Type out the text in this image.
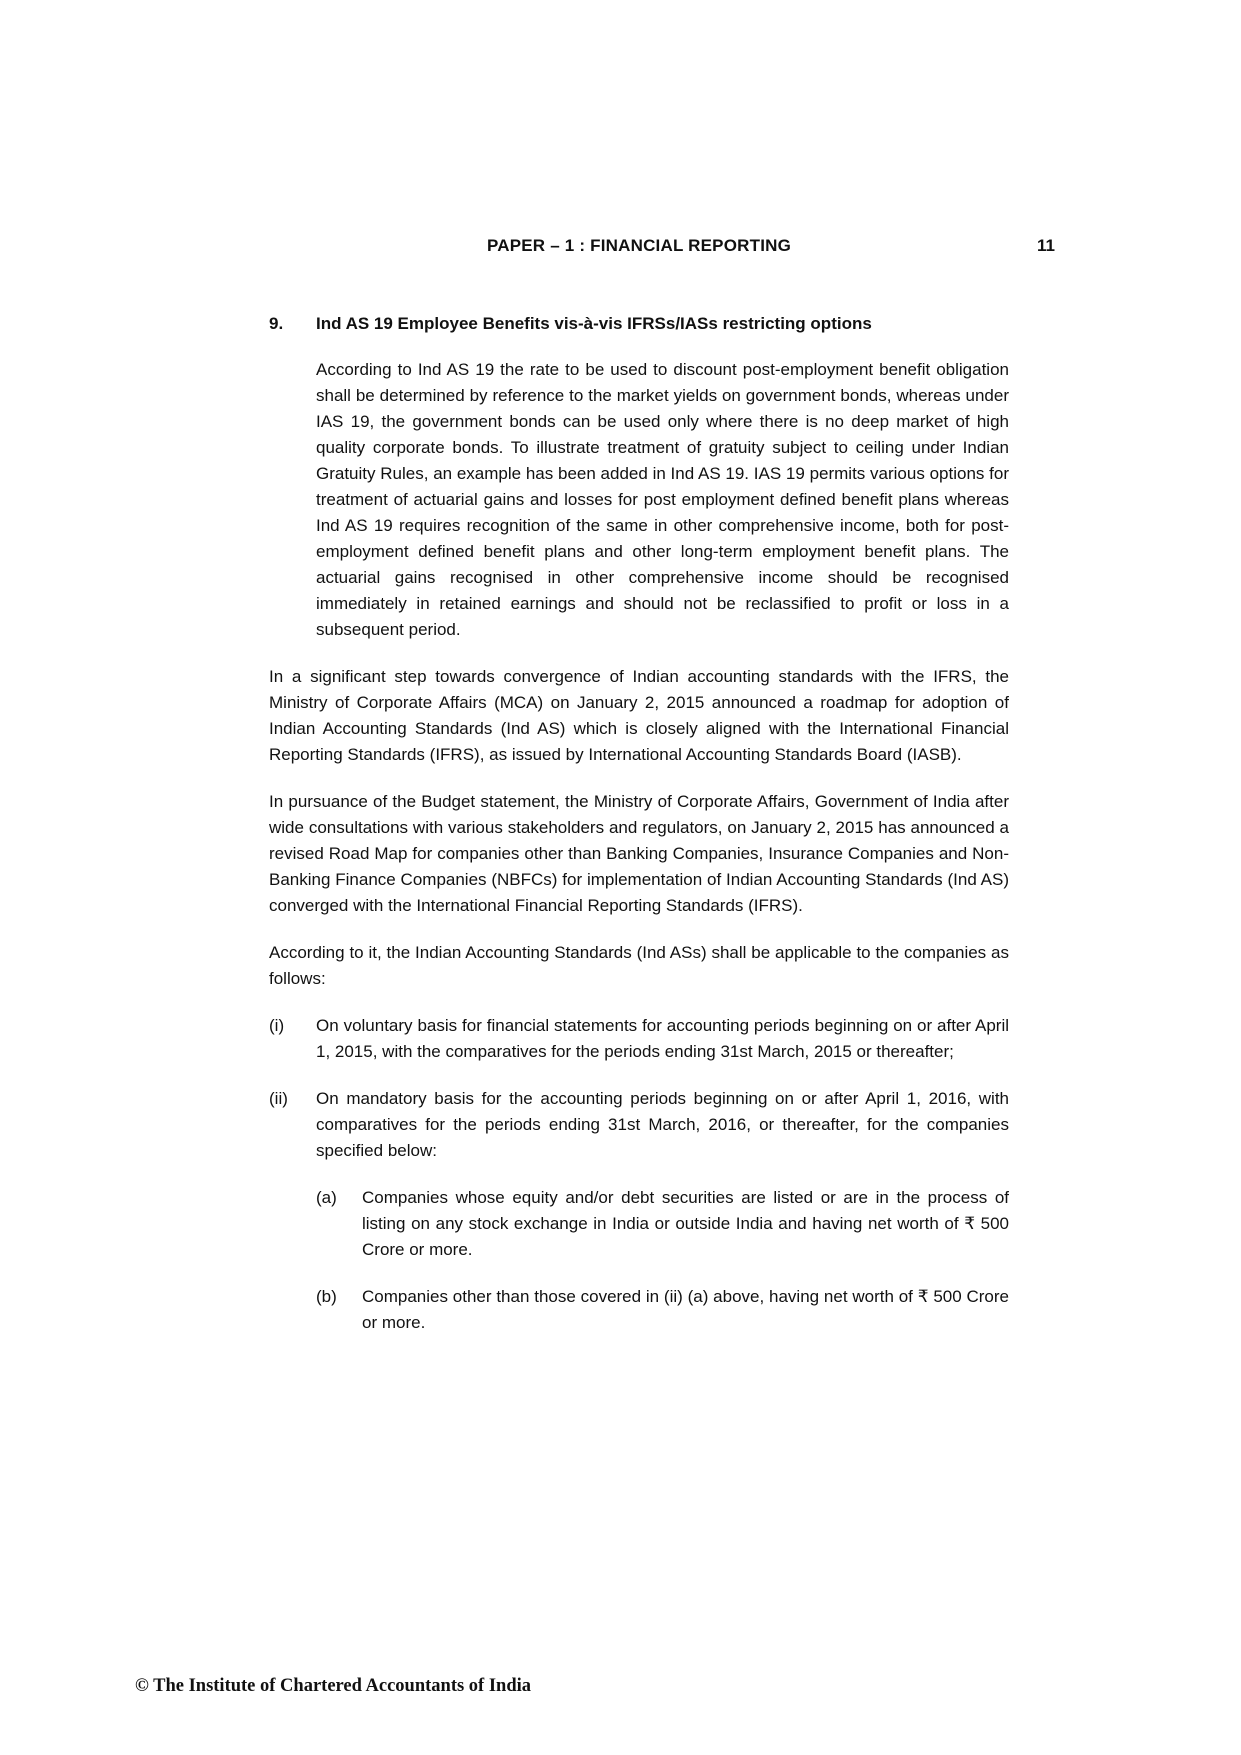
PAPER – 1 : FINANCIAL REPORTING	11
9.	Ind AS 19 Employee Benefits vis-à-vis IFRSs/IASs restricting options

According to Ind AS 19 the rate to be used to discount post-employment benefit obligation shall be determined by reference to the market yields on government bonds, whereas under IAS 19, the government bonds can be used only where there is no deep market of high quality corporate bonds. To illustrate treatment of gratuity subject to ceiling under Indian Gratuity Rules, an example has been added in Ind AS 19. IAS 19 permits various options for treatment of actuarial gains and losses for post employment defined benefit plans whereas Ind AS 19 requires recognition of the same in other comprehensive income, both for post-employment defined benefit plans and other long-term employment benefit plans. The actuarial gains recognised in other comprehensive income should be recognised immediately in retained earnings and should not be reclassified to profit or loss in a subsequent period.

In a significant step towards convergence of Indian accounting standards with the IFRS, the Ministry of Corporate Affairs (MCA) on January 2, 2015 announced a roadmap for adoption of Indian Accounting Standards (Ind AS) which is closely aligned with the International Financial Reporting Standards (IFRS), as issued by International Accounting Standards Board (IASB).

In pursuance of the Budget statement, the Ministry of Corporate Affairs, Government of India after wide consultations with various stakeholders and regulators, on January 2, 2015 has announced a revised Road Map for companies other than Banking Companies, Insurance Companies and Non-Banking Finance Companies (NBFCs) for implementation of Indian Accounting Standards (Ind AS) converged with the International Financial Reporting Standards (IFRS).

According to it, the Indian Accounting Standards (Ind ASs) shall be applicable to the companies as follows:

(i)	On voluntary basis for financial statements for accounting periods beginning on or after April 1, 2015, with the comparatives for the periods ending 31st March, 2015 or thereafter;
(ii)	On mandatory basis for the accounting periods beginning on or after April 1, 2016, with comparatives for the periods ending 31st March, 2016, or thereafter, for the companies specified below:
(a)	Companies whose equity and/or debt securities are listed or are in the process of listing on any stock exchange in India or outside India and having net worth of ₹ 500 Crore or more.
(b)	Companies other than those covered in (ii) (a) above, having net worth of ₹ 500 Crore or more.
© The Institute of Chartered Accountants of India
